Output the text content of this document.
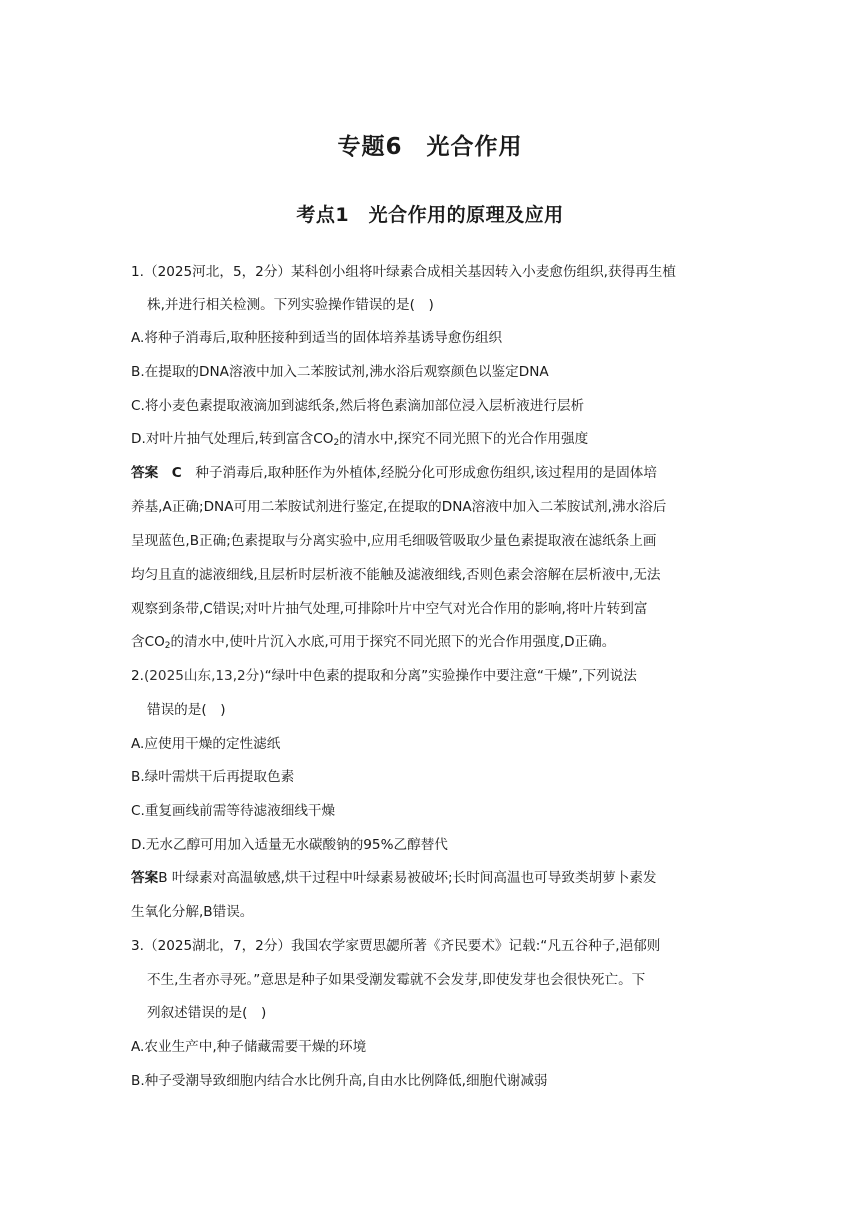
专题6　光合作用
考点1　光合作用的原理及应用
1.（2025河北，5，2分）某科创小组将叶绿素合成相关基因转入小麦愈伤组织,获得再生植
株,并进行相关检测。下列实验操作错误的是(　)
A.将种子消毒后,取种胚接种到适当的固体培养基诱导愈伤组织
B.在提取的DNA溶液中加入二苯胺试剂,沸水浴后观察颜色以鉴定DNA
C.将小麦色素提取液滴加到滤纸条,然后将色素滴加部位浸入层析液进行层析
D.对叶片抽气处理后,转到富含$CO_2$的清水中,探究不同光照下的光合作用强度
答案　C　种子消毒后,取种胚作为外植体,经脱分化可形成愈伤组织,该过程用的是固体培
养基,A正确;DNA可用二苯胺试剂进行鉴定,在提取的DNA溶液中加入二苯胺试剂,沸水浴后
呈现蓝色,B正确;色素提取与分离实验中,应用毛细吸管吸取少量色素提取液在滤纸条上画
均匀且直的滤液细线,且层析时层析液不能触及滤液细线,否则色素会溶解在层析液中,无法
观察到条带,C错误;对叶片抽气处理,可排除叶片中空气对光合作用的影响,将叶片转到富
含$CO_2$的清水中,使叶片沉入水底,可用于探究不同光照下的光合作用强度,D正确。
2.(2025山东,13,2分)“绿叶中色素的提取和分离”实验操作中要注意“干燥”,下列说法
错误的是(　)
A.应使用干燥的定性滤纸
B.绿叶需烘干后再提取色素
C.重复画线前需等待滤液细线干燥
D.无水乙醇可用加入适量无水碳酸钠的95%乙醇替代
答案B 叶绿素对高温敏感,烘干过程中叶绿素易被破坏;长时间高温也可导致类胡萝卜素发
生氧化分解,B错误。
3.（2025湖北，7，2分）我国农学家贾思勰所著《齐民要术》记载:“凡五谷种子,浥郁则
不生,生者亦寻死。”意思是种子如果受潮发霉就不会发芽,即使发芽也会很快死亡。下
列叙述错误的是(　)
A.农业生产中,种子储藏需要干燥的环境
B.种子受潮导致细胞内结合水比例升高,自由水比例降低,细胞代谢减弱
